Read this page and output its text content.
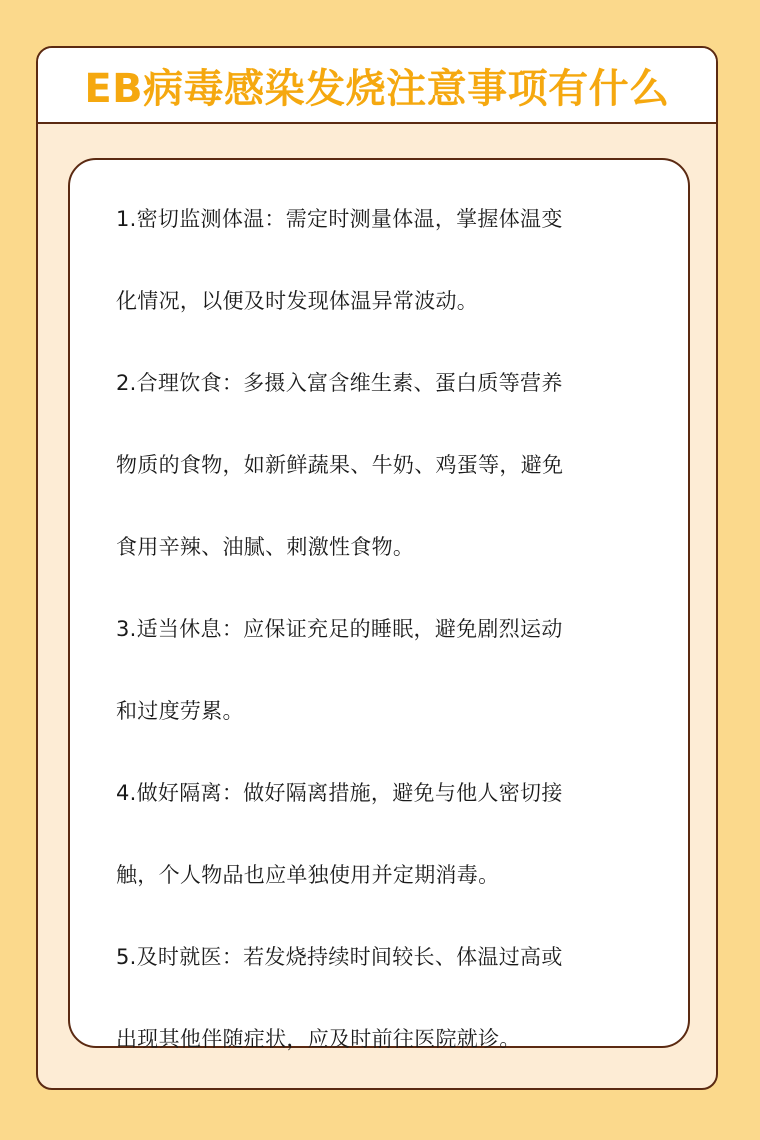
EB病毒感染发烧注意事项有什么

1.密切监测体温：需定时测量体温，掌握体温变
化情况，以便及时发现体温异常波动。

2.合理饮食：多摄入富含维生素、蛋白质等营养
物质的食物，如新鲜蔬果、牛奶、鸡蛋等，避免
食用辛辣、油腻、刺激性食物。

3.适当休息：应保证充足的睡眠，避免剧烈运动
和过度劳累。

4.做好隔离：做好隔离措施，避免与他人密切接
触，个人物品也应单独使用并定期消毒。

5.及时就医：若发烧持续时间较长、体温过高或
出现其他伴随症状，应及时前往医院就诊。
